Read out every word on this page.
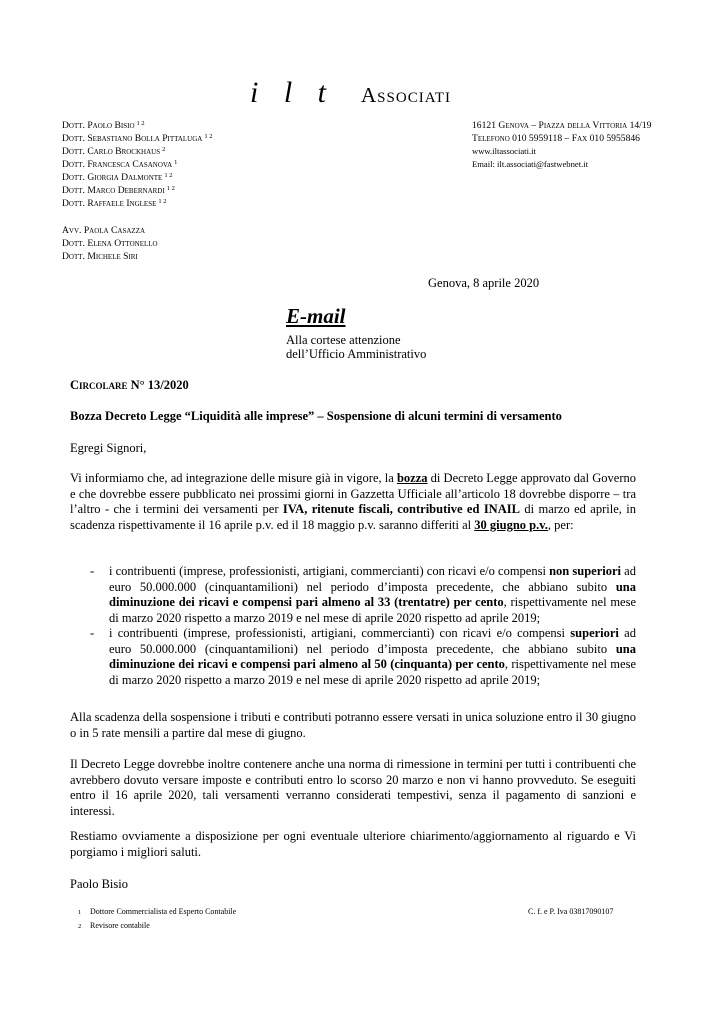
i l t Associati
Dott. Paolo Bisio $^{1 2}$
Dott. Sebastiano Bolla Pittaluga $^{1 2}$
Dott. Carlo Brockhaus $^2$
Dott. Francesca Casanova $^1$
Dott. Giorgia Dalmonte $^{1 2}$
Dott. Marco Debernardi $^{1 2}$
Dott. Raffaele Inglese $^{1 2}$
Avv. Paola Casazza
Dott. Elena Ottonello
Dott. Michele Siri
16121 Genova – Piazza della Vittoria 14/19
Telefono 010 5959118 – Fax 010 5955846
www.iltassociati.it
Email: ilt.associati@fastwebnet.it
Genova, 8 aprile 2020
E-mail
Alla cortese attenzione
dell’Ufficio Amministrativo
Circolare N° 13/2020
Bozza Decreto Legge “Liquidità alle imprese” – Sospensione di alcuni termini di versamento
Egregi Signori,
Vi informiamo che, ad integrazione delle misure già in vigore, la bozza di Decreto Legge approvato dal Governo e che dovrebbe essere pubblicato nei prossimi giorni in Gazzetta Ufficiale all’articolo 18 dovrebbe disporre – tra l’altro - che i termini dei versamenti per IVA, ritenute fiscali, contributive ed INAIL di marzo ed aprile, in scadenza rispettivamente il 16 aprile p.v. ed il 18 maggio p.v. saranno differiti al 30 giugno p.v., per:
- i contribuenti (imprese, professionisti, artigiani, commercianti) con ricavi e/o compensi non superiori ad euro 50.000.000 (cinquantamilioni) nel periodo d’imposta precedente, che abbiano subito una diminuzione dei ricavi e compensi pari almeno al 33 (trentatre) per cento, rispettivamente nel mese di marzo 2020 rispetto a marzo 2019 e nel mese di aprile 2020 rispetto ad aprile 2019;
- i contribuenti (imprese, professionisti, artigiani, commercianti) con ricavi e/o compensi superiori ad euro 50.000.000 (cinquantamilioni) nel periodo d’imposta precedente, che abbiano subito una diminuzione dei ricavi e compensi pari almeno al 50 (cinquanta) per cento, rispettivamente nel mese di marzo 2020 rispetto a marzo 2019 e nel mese di aprile 2020 rispetto ad aprile 2019;
Alla scadenza della sospensione i tributi e contributi potranno essere versati in unica soluzione entro il 30 giugno o in 5 rate mensili a partire dal mese di giugno.
Il Decreto Legge dovrebbe inoltre contenere anche una norma di rimessione in termini per tutti i contribuenti che avrebbero dovuto versare imposte e contributi entro lo scorso 20 marzo e non vi hanno provveduto. Se eseguiti entro il 16 aprile 2020, tali versamenti verranno considerati tempestivi, senza il pagamento di sanzioni e interessi.
Restiamo ovviamente a disposizione per ogni eventuale ulteriore chiarimento/aggiornamento al riguardo e Vi porgiamo i migliori saluti.
Paolo Bisio
1 Dottore Commercialista ed Esperto Contabile
2 Revisore contabile
C. f. e P. Iva 03817090107
